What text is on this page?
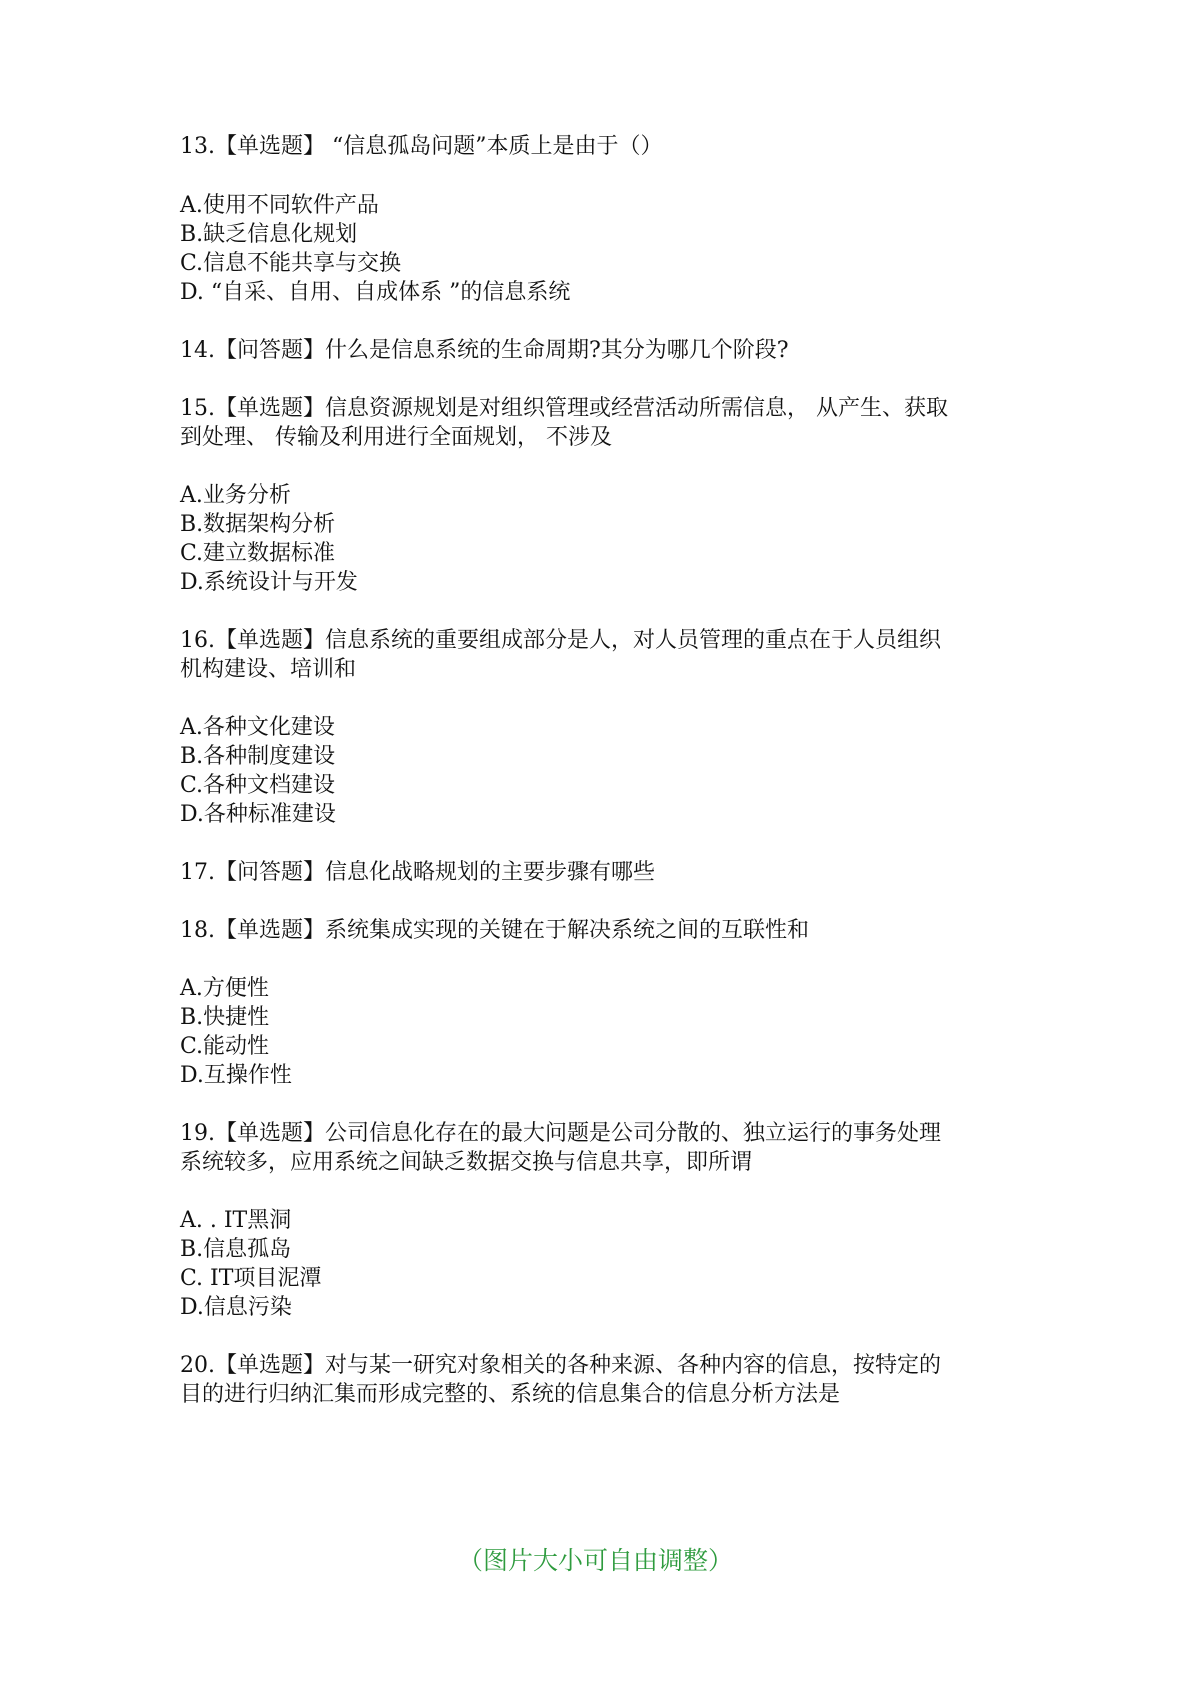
13.【单选题】 “信息孤岛问题”本质上是由于（）
A.使用不同软件产品
B.缺乏信息化规划
C.信息不能共享与交换
D. “自采、自用、自成体系 ”的信息系统
14.【问答题】什么是信息系统的生命周期?其分为哪几个阶段?
15.【单选题】信息资源规划是对组织管理或经营活动所需信息， 从产生、获取
到处理、 传输及利用进行全面规划， 不涉及
A.业务分析
B.数据架构分析
C.建立数据标准
D.系统设计与开发
16.【单选题】信息系统的重要组成部分是人，对人员管理的重点在于人员组织
机构建设、培训和
A.各种文化建设
B.各种制度建设
C.各种文档建设
D.各种标准建设
17.【问答题】信息化战略规划的主要步骤有哪些
18.【单选题】系统集成实现的关键在于解决系统之间的互联性和
A.方便性
B.快捷性
C.能动性
D.互操作性
19.【单选题】公司信息化存在的最大问题是公司分散的、独立运行的事务处理
系统较多，应用系统之间缺乏数据交换与信息共享，即所谓
A. . IT黑洞
B.信息孤岛
C. IT项目泥潭
D.信息污染
20.【单选题】对与某一研究对象相关的各种来源、各种内容的信息，按特定的
目的进行归纳汇集而形成完整的、系统的信息集合的信息分析方法是
（图片大小可自由调整）
